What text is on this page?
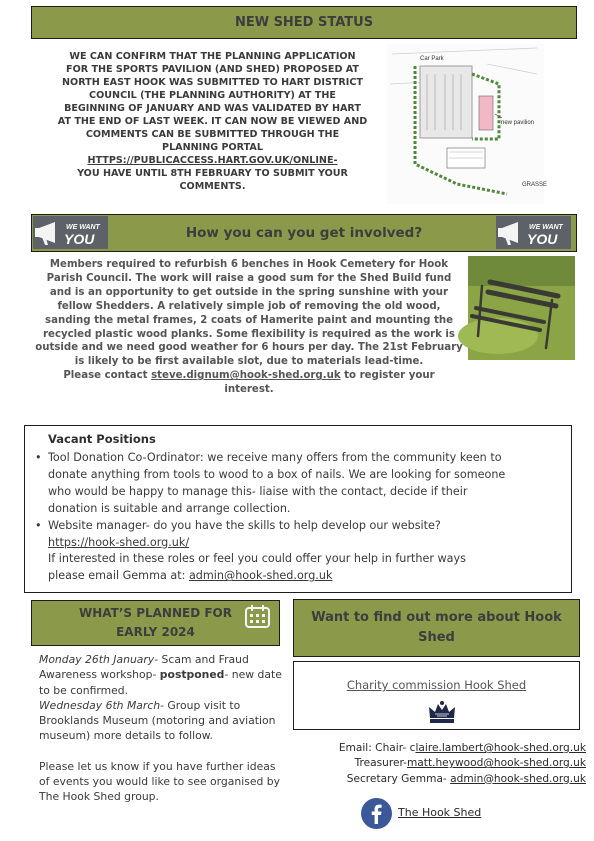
NEW SHED STATUS
WE CAN CONFIRM THAT THE PLANNING APPLICATION
FOR THE SPORTS PAVILION (AND SHED) PROPOSED AT
NORTH EAST HOOK WAS SUBMITTED TO HART DISTRICT
COUNCIL (THE PLANNING AUTHORITY) AT THE
BEGINNING OF JANUARY AND WAS VALIDATED BY HART
AT THE END OF LAST WEEK. IT CAN NOW BE VIEWED AND
COMMENTS CAN BE SUBMITTED THROUGH THE
PLANNING PORTAL
HTTPS://PUBLICACCESS.HART.GOV.UK/ONLINE-
YOU HAVE UNTIL 8TH FEBRUARY TO SUBMIT YOUR
COMMENTS.
Car Park
new pavilion
GRASSE
How you can you get involved?
WE WANT
YOU
WE WANT
YOU
Members required to refurbish 6 benches in Hook Cemetery for Hook
Parish Council. The work will raise a good sum for the Shed Build fund
and is an opportunity to get outside in the spring sunshine with your
fellow Shedders. A relatively simple job of removing the old wood,
sanding the metal frames, 2 coats of Hamerite paint and mounting the
recycled plastic wood planks. Some flexibility is required as the work is
outside and we need good weather for 6 hours per day. The 21st February
is likely to be first available slot, due to materials lead-time.
Please contact steve.dignum@hook-shed.org.uk to register your
interest.
Vacant Positions
• Tool Donation Co-Ordinator: we receive many offers from the community keen to
donate anything from tools to wood to a box of nails. We are looking for someone
who would be happy to manage this- liaise with the contact, decide if their
donation is suitable and arrange collection.
• Website manager- do you have the skills to help develop our website?
https://hook-shed.org.uk/
If interested in these roles or feel you could offer your help in further ways
please email Gemma at: admin@hook-shed.org.uk
WHAT’S PLANNED FOR
EARLY 2024
Monday 26th January- Scam and Fraud Awareness workshop- postponed- new date to be confirmed.
Wednesday 6th March- Group visit to Brooklands Museum (motoring and aviation museum) more details to follow.
Please let us know if you have further ideas of events you would like to see organised by The Hook Shed group.
Want to find out more about Hook
Shed
Charity commission Hook Shed
Email: Chair- claire.lambert@hook-shed.org.uk
Treasurer-matt.heywood@hook-shed.org.uk
Secretary Gemma- admin@hook-shed.org.uk
The Hook Shed
